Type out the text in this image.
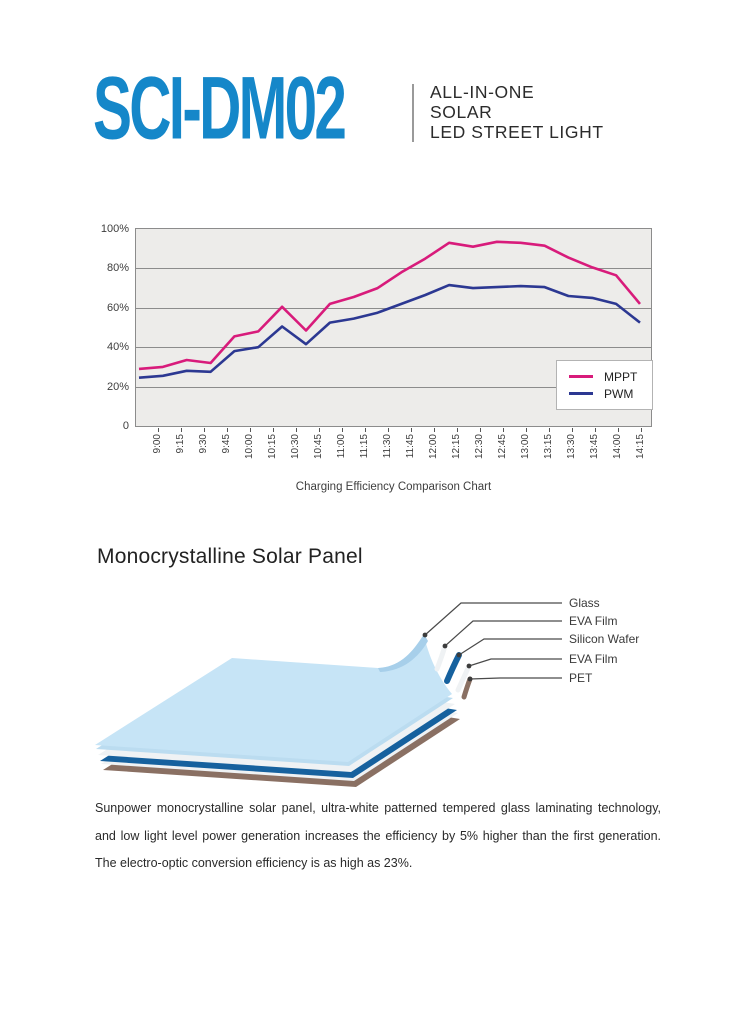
SCI-DM02	ALL-IN-ONE
SOLAR
LED STREET LIGHT
100%
80%
60%
40%
20%
0
MPPT
PWM
9:00 9:15 9:30 9:45 10:00 10:15 10:30 10:45 11:00 11:15 11:30 11:45 12:00 12:15 12:30 12:45 13:00 13:15 13:30 13:45 14:00 14:15
Charging Efficiency Comparison Chart
Monocrystalline Solar Panel
Glass
EVA Film
Silicon Wafer
EVA Film
PET

Sunpower monocrystalline solar panel, ultra-white patterned tempered glass laminating technology, and low light level power generation increases the efficiency by 5% higher than the first generation. The electro-optic conversion efficiency is as high as 23%.
